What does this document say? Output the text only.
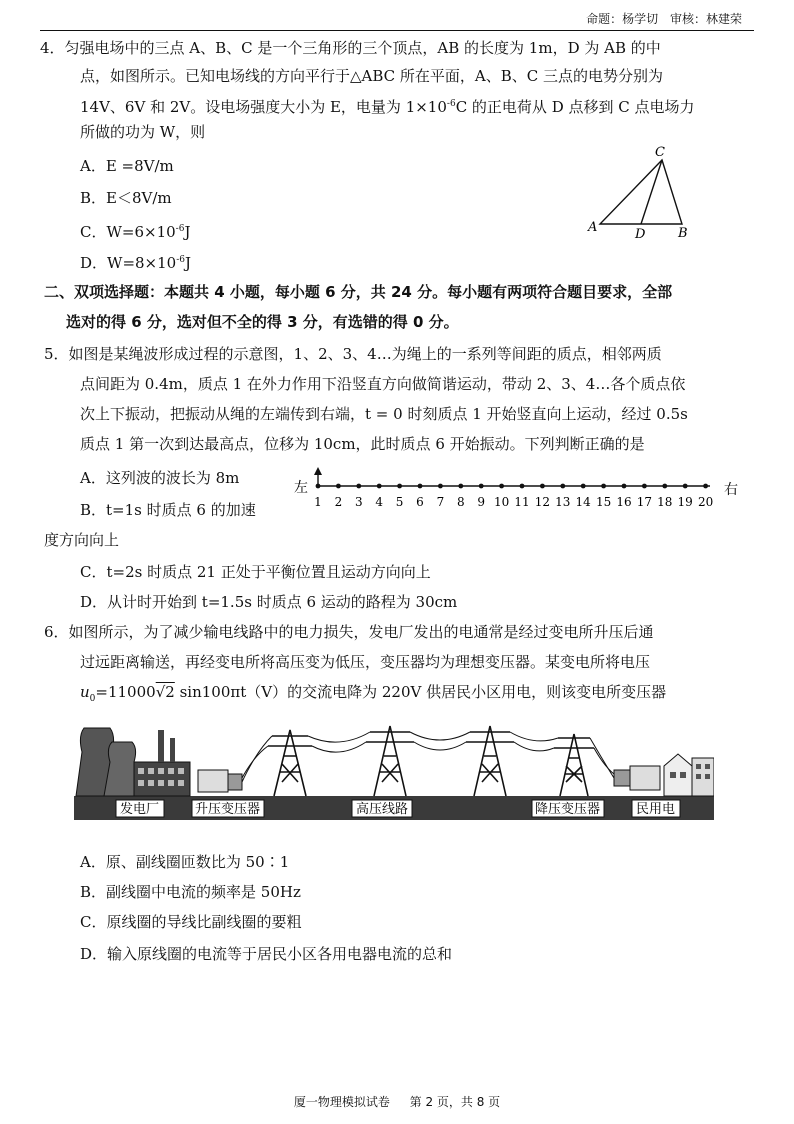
命题：杨学切 审核：林建荣
4．匀强电场中的三点 A、B、C 是一个三角形的三个顶点，AB 的长度为 1m，D 为 AB 的中
点，如图所示。已知电场线的方向平行于△ABC 所在平面，A、B、C 三点的电势分别为
14V、6V 和 2V。设电场强度大小为 E，电量为 $1\times 10^{-6}C$ 的正电荷从 D 点移到 C 点电场力
所做的功为 W，则
A．E =8V/m
B．E＜8V/m
C．$W=6\times 10^{-6}J$
D．$W=8\times 10^{-6}J$
C
A	D	B
二、双项选择题：本题共 4 小题，每小题 6 分，共 24 分。每小题有两项符合题目要求，全部
选对的得 6 分，选对但不全的得 3 分，有选错的得 0 分。
5．如图是某绳波形成过程的示意图，1、2、3、4…为绳上的一系列等间距的质点，相邻两质
点间距为 0.4m，质点 1 在外力作用下沿竖直方向做简谐运动，带动 2、3、4…各个质点依
次上下振动，把振动从绳的左端传到右端，t = 0 时刻质点 1 开始竖直向上运动，经过 0.5s
质点 1 第一次到达最高点，位移为 10cm，此时质点 6 开始振动。下列判断正确的是
A．这列波的波长为 8m
B．t=1s 时质点 6 的加速
度方向向上
C．t=2s 时质点 21 正处于平衡位置且运动方向向上
D．从计时开始到 t=1.5s 时质点 6 运动的路程为 30cm
左	右
1 2 3 4 5 6 7 8 9 10 11 12 13 14 15 16 17 18 19 20
6．如图所示，为了减少输电线路中的电力损失，发电厂发出的电通常是经过变电所升压后通
过远距离输送，再经变电所将高压变为低压，变压器均为理想变压器。某变电所将电压
$u_0=11000√2$ sin100πt（V）的交流电降为 220V 供居民小区用电，则该变电所变压器
发电厂	升压变压器	高压线路	降压变压器	民用电
A．原、副线圈匝数比为 50∶1
B．副线圈中电流的频率是 50Hz
C．原线圈的导线比副线圈的要粗
D．输入原线圈的电流等于居民小区各用电器电流的总和
厦一物理模拟试卷 第 2 页，共 8 页
